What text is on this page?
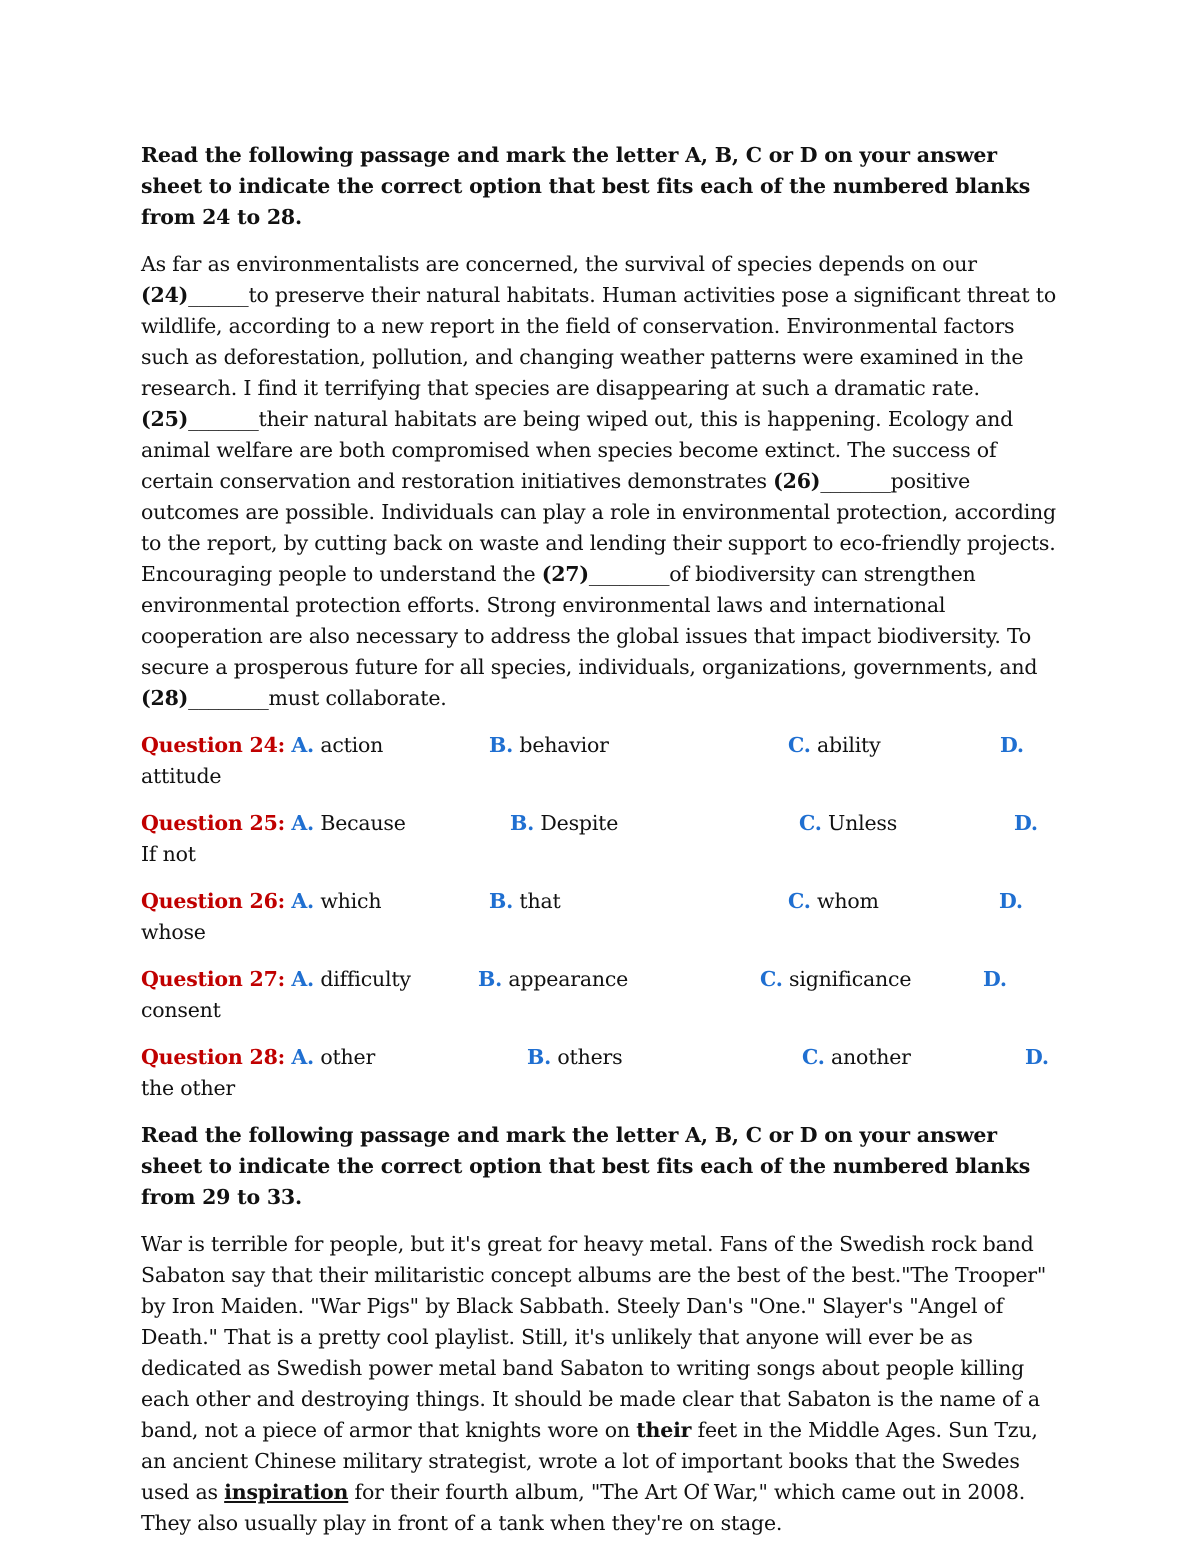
Read the following passage and mark the letter A, B, C or D on your answer sheet to indicate the correct option that best fits each of the numbered blanks from 24 to 28.

As far as environmentalists are concerned, the survival of species depends on our (24)______to preserve their natural habitats. Human activities pose a significant threat to wildlife, according to a new report in the field of conservation. Environmental factors such as deforestation, pollution, and changing weather patterns were examined in the research. I find it terrifying that species are disappearing at such a dramatic rate. (25)_______their natural habitats are being wiped out, this is happening. Ecology and animal welfare are both compromised when species become extinct. The success of certain conservation and restoration initiatives demonstrates (26)_______positive outcomes are possible. Individuals can play a role in environmental protection, according to the report, by cutting back on waste and lending their support to eco-friendly projects. Encouraging people to understand the (27)________of biodiversity can strengthen environmental protection efforts. Strong environmental laws and international cooperation are also necessary to address the global issues that impact biodiversity. To secure a prosperous future for all species, individuals, organizations, governments, and (28)________must collaborate.

Question 24: A. action	B. behavior	C. ability	D.
attitude
Question 25: A. Because	B. Despite	C. Unless	D.
If not
Question 26: A. which	B. that	C. whom	D.
whose
Question 27: A. difficulty	B. appearance	C. significance	D.
consent
Question 28: A. other	B. others	C. another	D.
the other

Read the following passage and mark the letter A, B, C or D on your answer sheet to indicate the correct option that best fits each of the numbered blanks from 29 to 33.

War is terrible for people, but it's great for heavy metal. Fans of the Swedish rock band Sabaton say that their militaristic concept albums are the best of the best."The Trooper" by Iron Maiden. "War Pigs" by Black Sabbath. Steely Dan's "One." Slayer's "Angel of Death." That is a pretty cool playlist. Still, it's unlikely that anyone will ever be as dedicated as Swedish power metal band Sabaton to writing songs about people killing each other and destroying things. It should be made clear that Sabaton is the name of a band, not a piece of armor that knights wore on their feet in the Middle Ages. Sun Tzu, an ancient Chinese military strategist, wrote a lot of important books that the Swedes used as inspiration for their fourth album, "The Art Of War," which came out in 2008. They also usually play in front of a tank when they're on stage.
